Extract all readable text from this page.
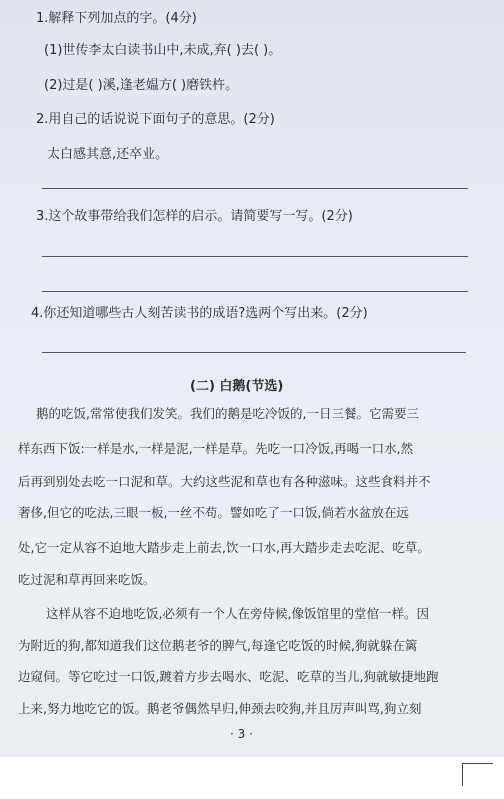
1.解释下列加点的字。(4分)
(1)世传李太白读书山中,未成,弃( )去( )。
(2)过是( )溪,逢老媪方( )磨铁杵。
2.用自己的话说说下面句子的意思。(2分)
太白感其意,还卒业。
3.这个故事带给我们怎样的启示。请简要写一写。(2分)
4.你还知道哪些古人刻苦读书的成语?选两个写出来。(2分)
(二) 白鹅(节选)
鹅的吃饭,常常使我们发笑。我们的鹅是吃冷饭的,一日三餐。它需要三
样东西下饭:一样是水,一样是泥,一样是草。先吃一口冷饭,再喝一口水,然
后再到别处去吃一口泥和草。大约这些泥和草也有各种滋味。这些食料并不
奢侈,但它的吃法,三眼一板,一丝不苟。譬如吃了一口饭,倘若水盆放在远
处,它一定从容不迫地大踏步走上前去,饮一口水,再大踏步走去吃泥、吃草。
吃过泥和草再回来吃饭。
这样从容不迫地吃饭,必须有一个人在旁侍候,像饭馆里的堂倌一样。因
为附近的狗,都知道我们这位鹅老爷的脾气,每逢它吃饭的时候,狗就躲在篱
边窥伺。等它吃过一口饭,踱着方步去喝水、吃泥、吃草的当儿,狗就敏捷地跑
上来,努力地吃它的饭。鹅老爷偶然早归,伸颈去咬狗,并且厉声叫骂,狗立刻
· 3 ·
